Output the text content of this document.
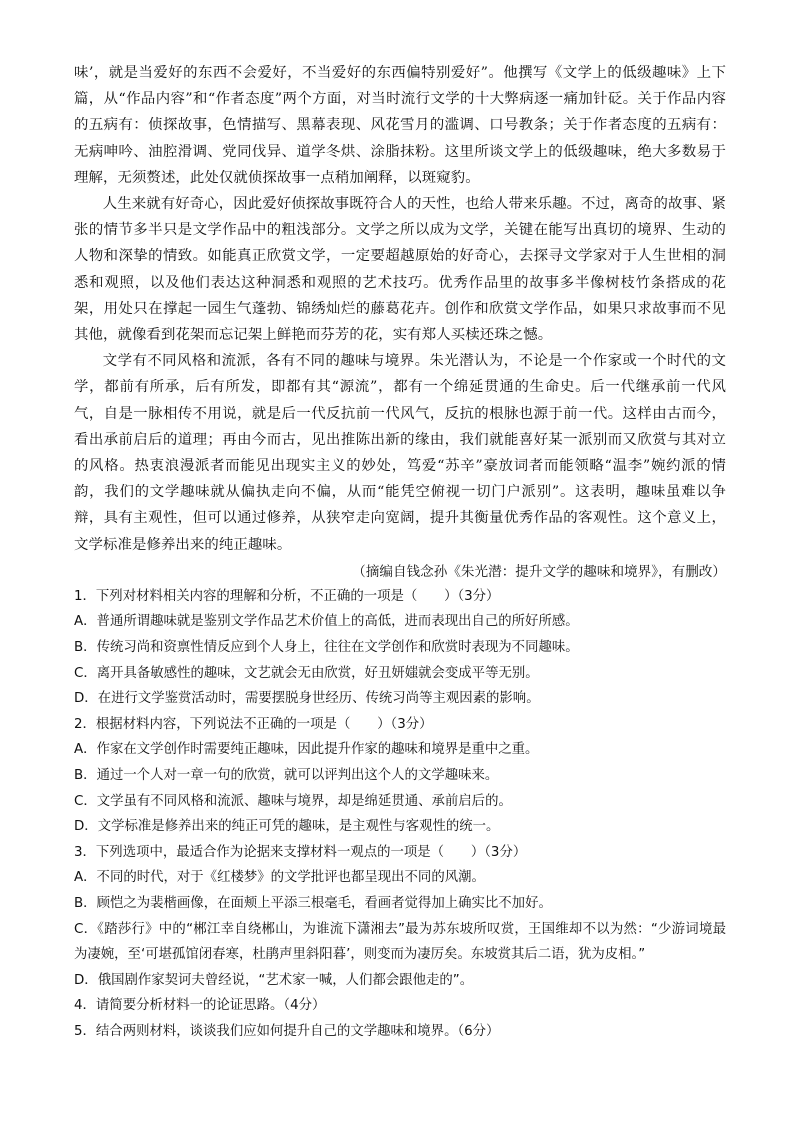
味’，就是当爱好的东西不会爱好，不当爱好的东西偏特别爱好”。他撰写《文学上的低级趣味》上下篇，从“作品内容”和“作者态度”两个方面，对当时流行文学的十大弊病逐一痛加针砭。关于作品内容的五病有：侦探故事，色情描写、黑幕表现、风花雪月的滥调、口号教条；关于作者态度的五病有：无病呻吟、油腔滑调、党同伐异、道学冬烘、涂脂抹粉。这里所谈文学上的低级趣味，绝大多数易于理解，无须赘述，此处仅就侦探故事一点稍加阐释，以斑窥豹。

人生来就有好奇心，因此爱好侦探故事既符合人的天性，也给人带来乐趣。不过，离奇的故事、紧张的情节多半只是文学作品中的粗浅部分。文学之所以成为文学，关键在能写出真切的境界、生动的人物和深挚的情致。如能真正欣赏文学，一定要超越原始的好奇心，去探寻文学家对于人生世相的洞悉和观照，以及他们表达这种洞悉和观照的艺术技巧。优秀作品里的故事多半像树枝竹条搭成的花架，用处只在撑起一园生气蓬勃、锦绣灿烂的藤葛花卉。创作和欣赏文学作品，如果只求故事而不见其他，就像看到花架而忘记架上鲜艳而芬芳的花，实有郑人买椟还珠之憾。

文学有不同风格和流派，各有不同的趣味与境界。朱光潜认为，不论是一个作家或一个时代的文学，都前有所承，后有所发，即都有其“源流”，都有一个绵延贯通的生命史。后一代继承前一代风气，自是一脉相传不用说，就是后一代反抗前一代风气，反抗的根脉也源于前一代。这样由古而今，看出承前启后的道理；再由今而古，见出推陈出新的缘由，我们就能喜好某一派别而又欣赏与其对立的风格。热衷浪漫派者而能见出现实主义的妙处，笃爱“苏辛”豪放词者而能领略“温李”婉约派的情韵，我们的文学趣味就从偏执走向不偏，从而“能凭空俯视一切门户派别”。这表明，趣味虽难以争辩，具有主观性，但可以通过修养，从狭窄走向宽阔，提升其衡量优秀作品的客观性。这个意义上，文学标准是修养出来的纯正趣味。

（摘编自钱念孙《朱光潜：提升文学的趣味和境界》，有删改）

1．下列对材料相关内容的理解和分析，不正确的一项是（　　）（3分）

A．普通所谓趣味就是鉴别文学作品艺术价值上的高低，进而表现出自己的所好所感。

B．传统习尚和资禀性情反应到个人身上，往往在文学创作和欣赏时表现为不同趣味。

C．离开具备敏感性的趣味，文艺就会无由欣赏，好丑妍媸就会变成平等无别。

D．在进行文学鉴赏活动时，需要摆脱身世经历、传统习尚等主观因素的影响。

2．根据材料内容，下列说法不正确的一项是（　　）（3分）

A．作家在文学创作时需要纯正趣味，因此提升作家的趣味和境界是重中之重。

B．通过一个人对一章一句的欣赏，就可以评判出这个人的文学趣味来。

C．文学虽有不同风格和流派、趣味与境界，却是绵延贯通、承前启后的。

D．文学标准是修养出来的纯正可凭的趣味，是主观性与客观性的统一。

3．下列选项中，最适合作为论据来支撑材料一观点的一项是（　　）（3分）

A．不同的时代，对于《红楼梦》的文学批评也都呈现出不同的风潮。

B．顾恺之为裴楷画像，在面颊上平添三根毫毛，看画者觉得加上确实比不加好。

C．《踏莎行》中的“郴江幸自绕郴山，为谁流下潇湘去”最为苏东坡所叹赏，王国维却不以为然：“少游词境最为凄婉，至‘可堪孤馆闭春寒，杜鹃声里斜阳暮’，则变而为凄厉矣。东坡赏其后二语，犹为皮相。”

D．俄国剧作家契诃夫曾经说，“艺术家一喊，人们都会跟他走的”。

4．请简要分析材料一的论证思路。（4分）

5．结合两则材料，谈谈我们应如何提升自己的文学趣味和境界。（6分）
